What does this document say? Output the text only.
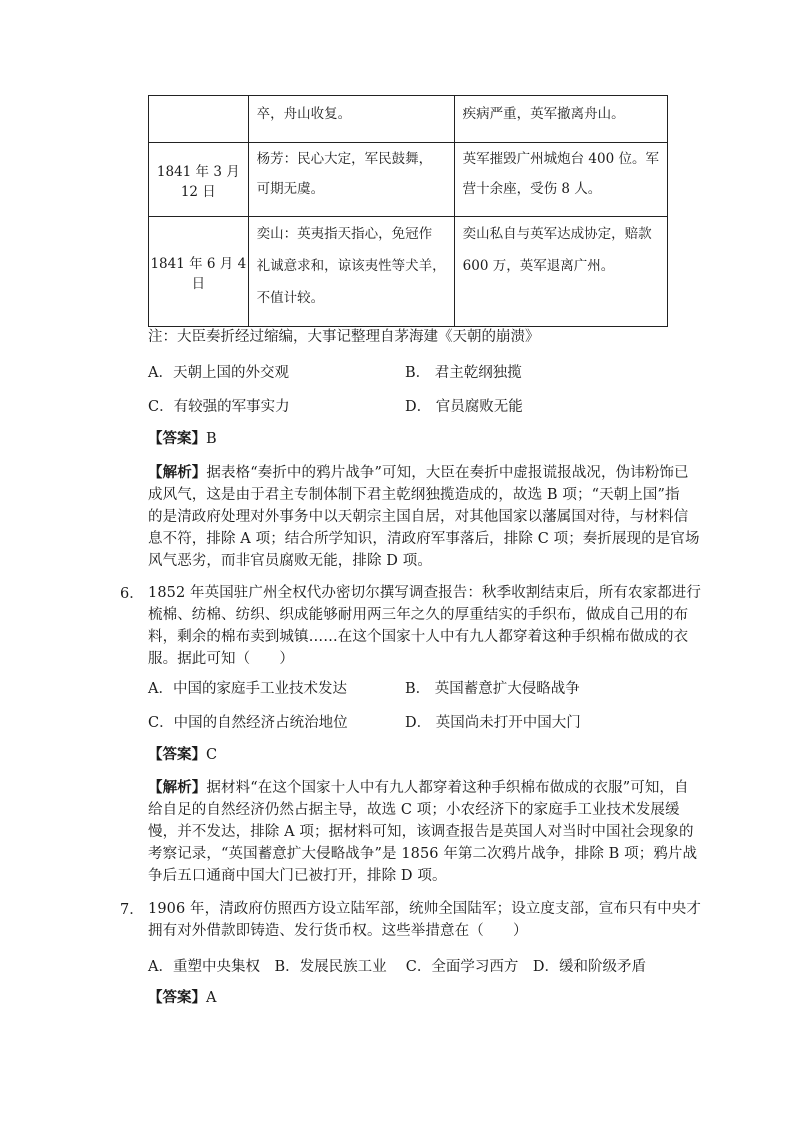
	卒，舟山收复。	疾病严重，英军撤离舟山。

1841 年 3 月 12 日	杨芳：民心大定，军民鼓舞，
可期无虞。	英军摧毁广州城炮台 400 位。军
营十余座，受伤 8 人。

1841 年 6 月 4 日	奕山：英夷指天指心，免冠作
礼诚意求和，谅该夷性等犬羊，
不值计较。	奕山私自与英军达成协定，赔款
600 万，英军退离广州。
注：大臣奏折经过缩编，大事记整理自茅海建《天朝的崩溃》
A．天朝上国的外交观	B． 君主乾纲独揽
C．有较强的军事实力	D． 官员腐败无能
【答案】B
【解析】据表格“奏折中的鸦片战争”可知，大臣在奏折中虚报谎报战况，伪讳粉饰已
成风气，这是由于君主专制体制下君主乾纲独揽造成的，故选 B 项；“天朝上国”指
的是清政府处理对外事务中以天朝宗主国自居，对其他国家以藩属国对待，与材料信
息不符，排除 A 项；结合所学知识，清政府军事落后，排除 C 项；奏折展现的是官场
风气恶劣，而非官员腐败无能，排除 D 项。
6． 1852 年英国驻广州全权代办密切尔撰写调查报告：秋季收割结束后，所有农家都进行
梳棉、纺棉、纺织、织成能够耐用两三年之久的厚重结实的手织布，做成自己用的布
料，剩余的棉布卖到城镇……在这个国家十人中有九人都穿着这种手织棉布做成的衣
服。据此可知（　　）
A．中国的家庭手工业技术发达	B． 英国蓄意扩大侵略战争
C．中国的自然经济占统治地位	D． 英国尚未打开中国大门
【答案】C
【解析】据材料“在这个国家十人中有九人都穿着这种手织棉布做成的衣服”可知，自
给自足的自然经济仍然占据主导，故选 C 项；小农经济下的家庭手工业技术发展缓
慢，并不发达，排除 A 项；据材料可知，该调查报告是英国人对当时中国社会现象的
考察记录，“英国蓄意扩大侵略战争”是 1856 年第二次鸦片战争，排除 B 项；鸦片战
争后五口通商中国大门已被打开，排除 D 项。
7． 1906 年，清政府仿照西方设立陆军部，统帅全国陆军；设立度支部，宣布只有中央才
拥有对外借款即铸造、发行货币权。这些举措意在（　　）
A．重塑中央集权　B．发展民族工业　 C．全面学习西方　D．缓和阶级矛盾
【答案】A
